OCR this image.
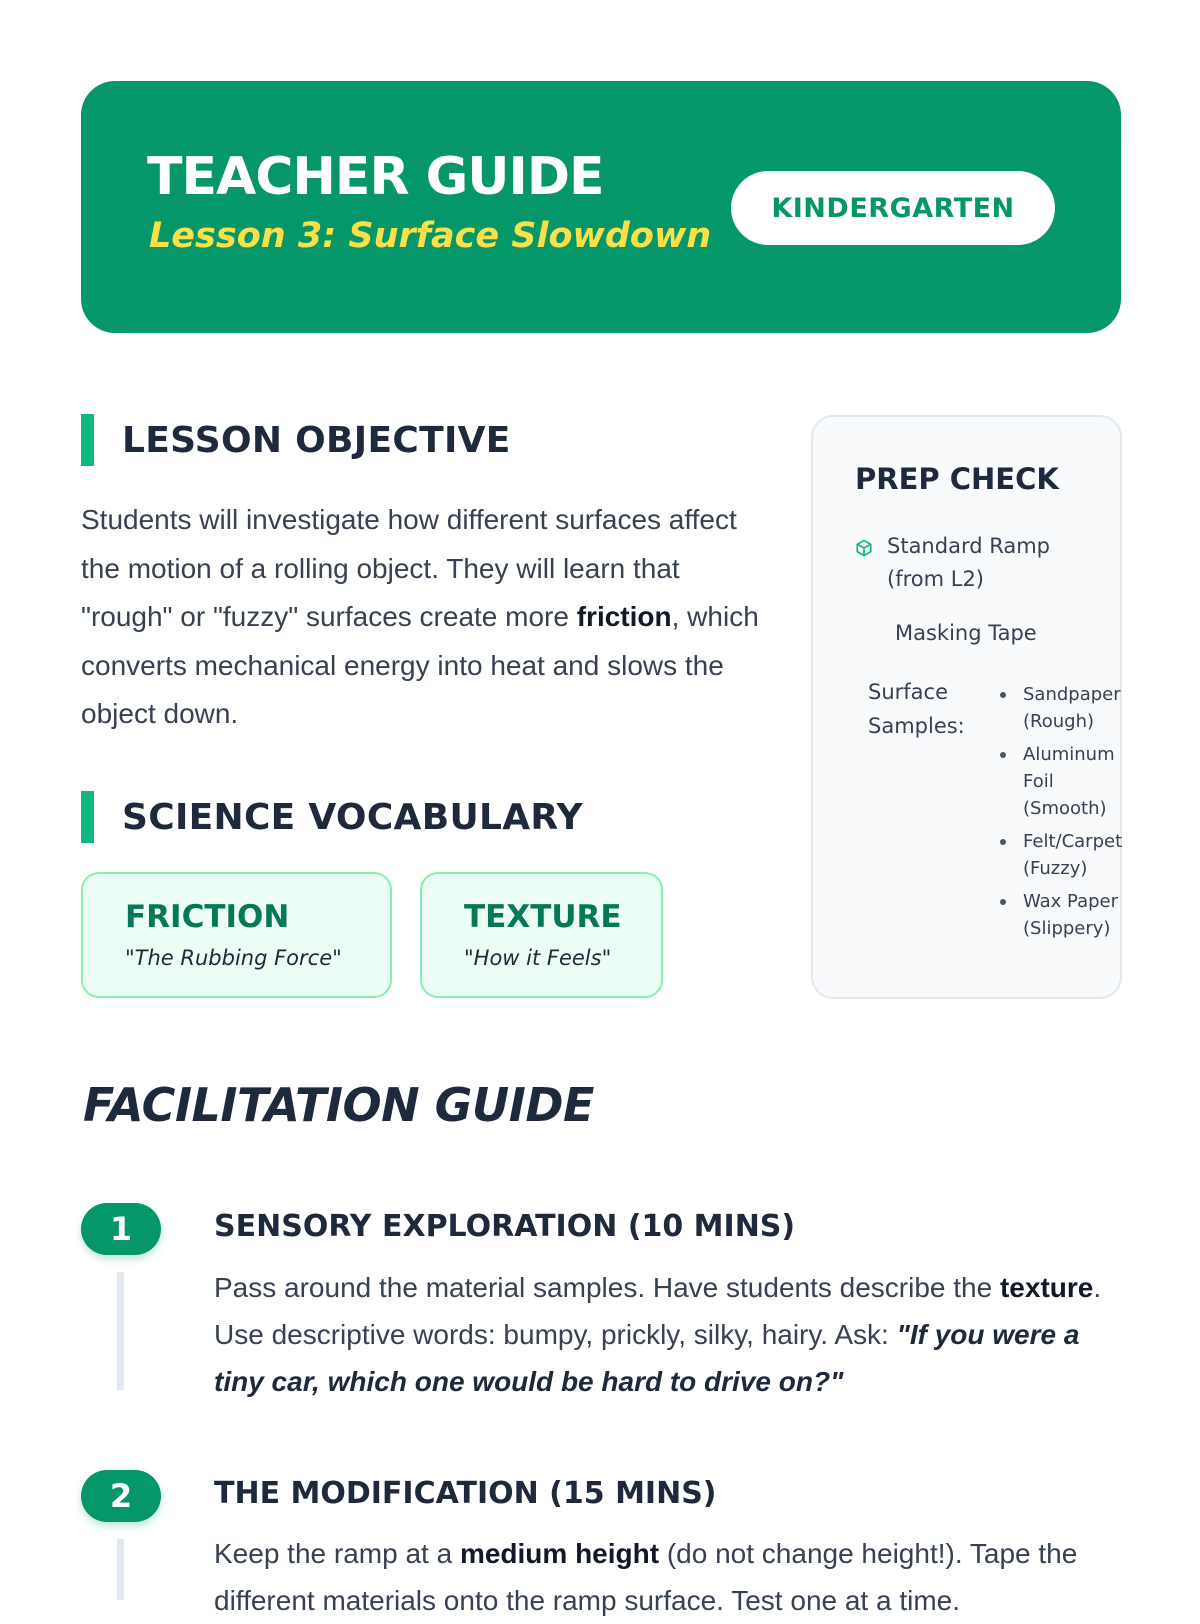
TEACHER GUIDE
Lesson 3: Surface Slowdown
KINDERGARTEN
LESSON OBJECTIVE

Students will investigate how different surfaces affect the motion of a rolling object. They will learn that "rough" or "fuzzy" surfaces create more friction, which converts mechanical energy into heat and slows the object down.

SCIENCE VOCABULARY
FRICTION
"The Rubbing Force"
TEXTURE
"How it Feels"
PREP CHECK
Standard Ramp
(from L2)
Masking Tape
Surface
Samples:
Sandpaper
(Rough)
Aluminum
Foil
(Smooth)
Felt/Carpet
(Fuzzy)
Wax Paper
(Slippery)
FACILITATION GUIDE
1	SENSORY EXPLORATION (10 MINS)

Pass around the material samples. Have students describe the texture. Use descriptive words: bumpy, prickly, silky, hairy. Ask: "If you were a tiny car, which one would be hard to drive on?"

2	THE MODIFICATION (15 MINS)

Keep the ramp at a medium height (do not change height!). Tape the different materials onto the ramp surface. Test one at a time.
